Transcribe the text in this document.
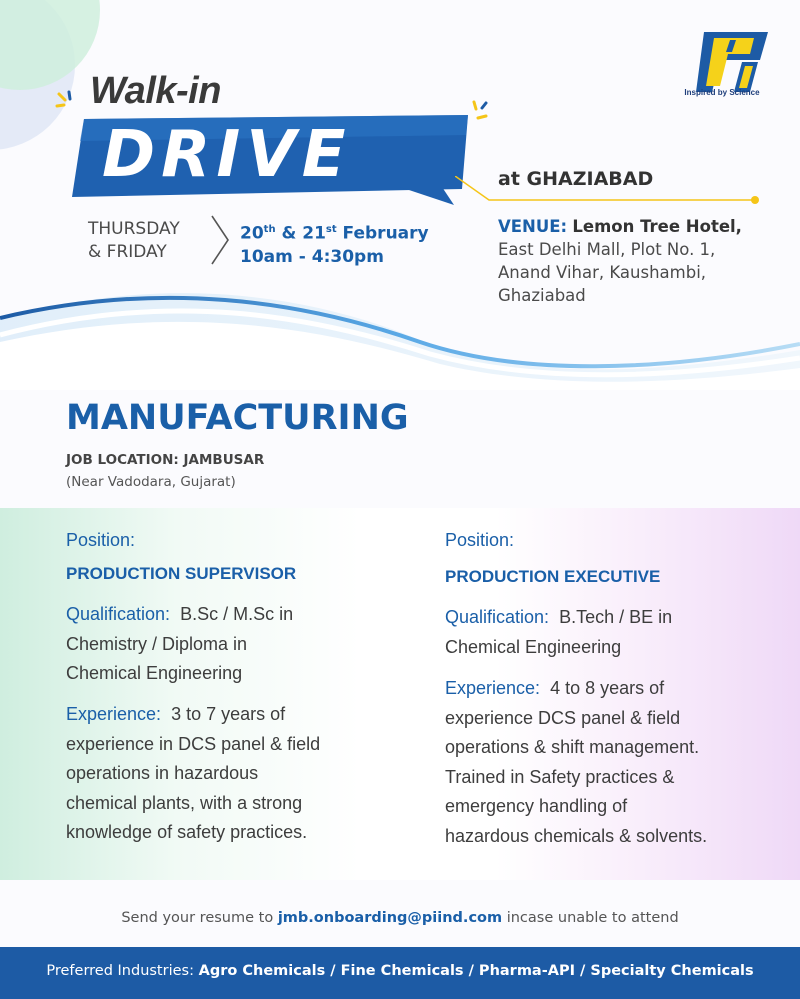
Inspired by Science
Walk-in
DRIVE
THURSDAY
& FRIDAY
20th & 21st February
10am - 4:30pm
at GHAZIABAD
VENUE: Lemon Tree Hotel,
East Delhi Mall, Plot No. 1,
Anand Vihar, Kaushambi,
Ghaziabad
MANUFACTURING
JOB LOCATION: JAMBUSAR
(Near Vadodara, Gujarat)
Position:
PRODUCTION SUPERVISOR
Qualification: B.Sc / M.Sc in
Chemistry / Diploma in
Chemical Engineering
Experience: 3 to 7 years of
experience in DCS panel & field
operations in hazardous
chemical plants, with a strong
knowledge of safety practices.
Position:
PRODUCTION EXECUTIVE
Qualification: B.Tech / BE in
Chemical Engineering
Experience: 4 to 8 years of
experience DCS panel & field
operations & shift management.
Trained in Safety practices &
emergency handling of
hazardous chemicals & solvents.
Send your resume to jmb.onboarding@piind.com incase unable to attend
Preferred Industries: Agro Chemicals / Fine Chemicals / Pharma-API / Specialty Chemicals
